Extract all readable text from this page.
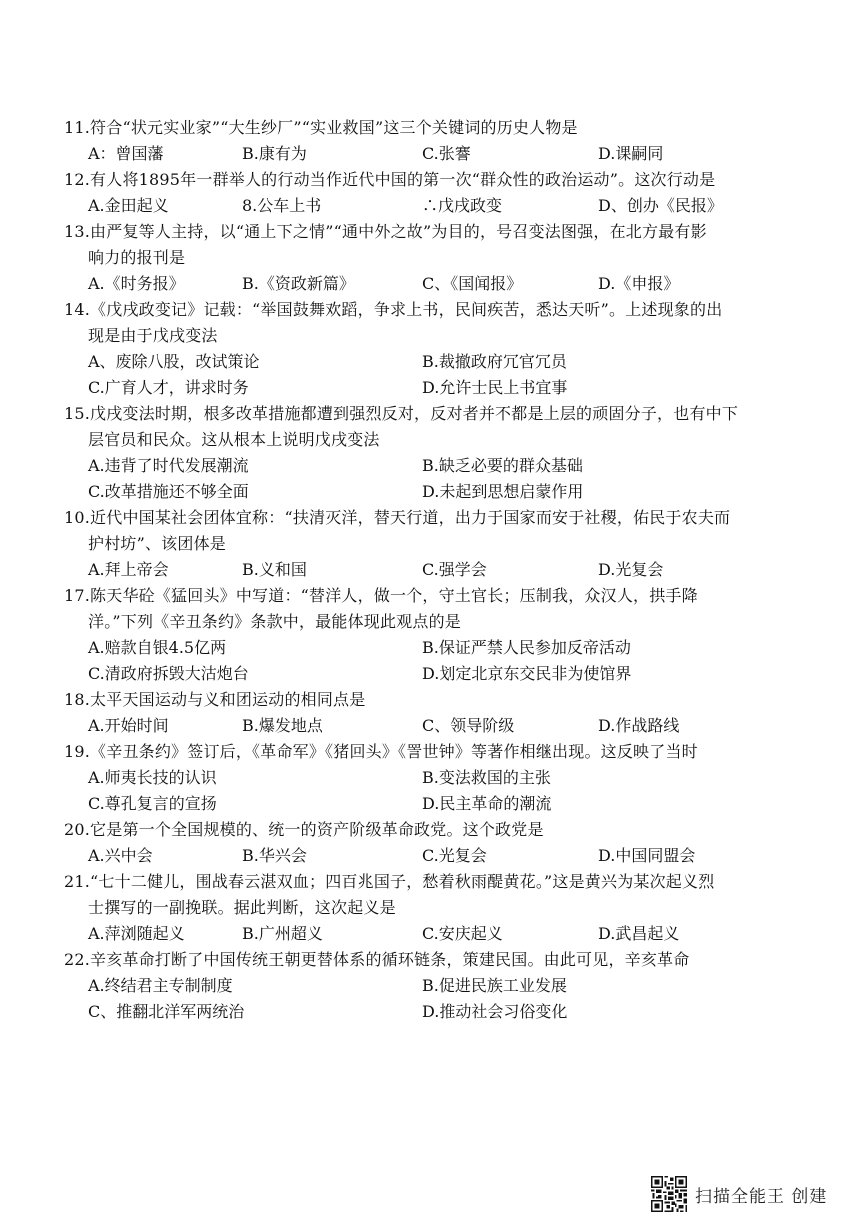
11.符合“状元实业家”“大生纱厂”“实业救国”这三个关键词的历史人物是
A：曾国藩	B.康有为	C.张謇	D.课嗣同
12.有人将1895年一群举人的行动当作近代中国的第一次“群众性的政治运动”。这次行动是
A.金田起义	8.公车上书	∴戊戌政变	D、创办《民报》
13.由严复等人主持，以“通上下之情”“通中外之故”为目的，号召变法图强，在北方最有影
响力的报刊是
A.《时务报》	B.《资政新篇》	C、《国闻报》	D.《申报》
14.《戊戌政变记》记载：“举国鼓舞欢蹈，争求上书，民间疾苦，悉达天听”。上述现象的出
现是由于戊戌变法
A、废除八股，改试策论	B.裁撤政府冗官冗员
C.广育人才，讲求时务	D.允许士民上书宜事
15.戊戌变法时期，根多改革措施都遭到强烈反对，反对者并不都是上层的顽固分子，也有中下
层官员和民众。这从根本上说明戊戌变法
A.违背了时代发展潮流	B.缺乏必要的群众基础
C.改革措施还不够全面	D.未起到思想启蒙作用
10.近代中国某社会团体宜称：“扶清灭洋，替天行道，出力于国家而安于社稷，佑民于农夫而
护村坊”、该团体是
A.拜上帝会	B.义和国	C.强学会	D.光复会
17.陈天华砼《猛回头》中写道：“替洋人，做一个，守土官长；压制我，众汉人，拱手降
洋。”下列《辛丑条约》条款中，最能体现此观点的是
A.赔款自银4.5亿两	B.保证严禁人民参加反帝活动
C.清政府拆毁大沽炮台	D.划定北京东交民非为使馆界
18.太平天国运动与义和团运动的相同点是
A.开始时间	B.爆发地点	C、领导阶级	D.作战路线
19.《辛丑条约》签订后，《革命军》《猪回头》《詈世钟》等著作相继出现。这反映了当时
A.师夷长技的认识	B.变法救国的主张
C.尊孔复言的宣扬	D.民主革命的潮流
20.它是第一个全国规模的、统一的资产阶级革命政党。这个政党是
A.兴中会	B.华兴会	C.光复会	D.中国同盟会
21.“七十二健儿，围战春云湛双血；四百兆国子，愁着秋雨醍黄花。”这是黄兴为某次起义烈
士撰写的一副挽联。据此判断，这次起义是
A.萍浏随起义	B.广州超义	C.安庆起义	D.武昌起义
22.辛亥革命打断了中国传统王朝更替体系的循环链条，策建民国。由此可见，辛亥革命
A.终结君主专制制度	B.促进民族工业发展
C、推翻北洋军两统治	D.推动社会习俗变化
扫描全能王 创建
